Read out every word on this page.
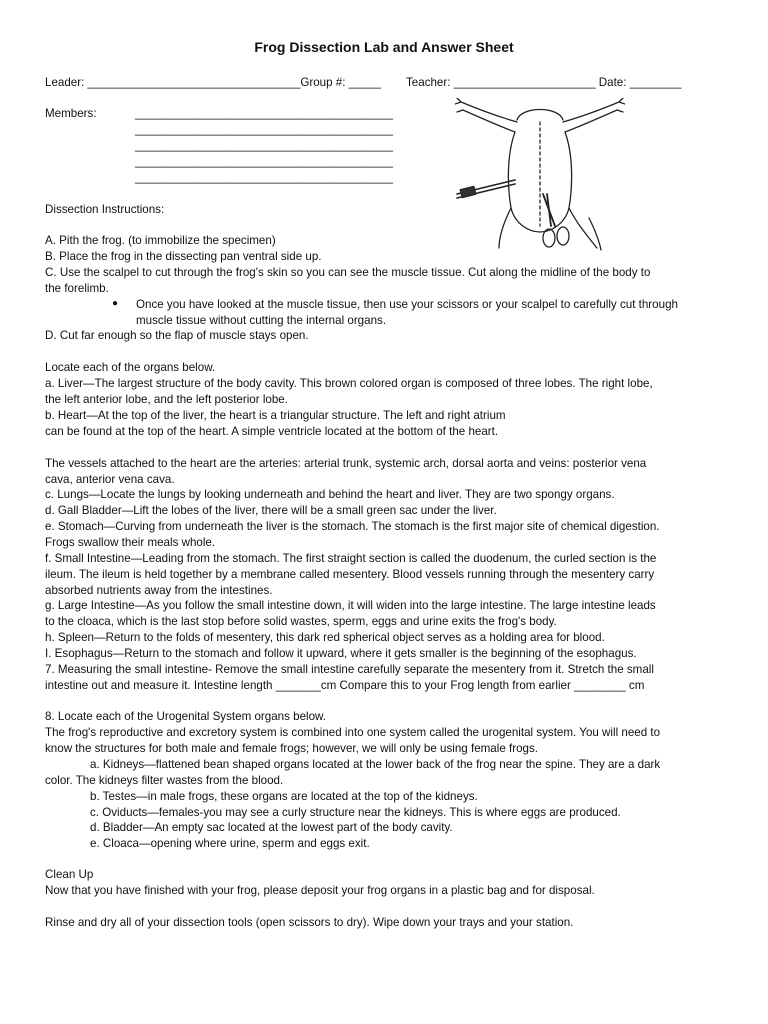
Frog Dissection Lab and Answer Sheet
Leader: _________________________________Group #: _____ Teacher: ______________________ Date: ________
Members:	________________________________________
________________________________________
________________________________________
________________________________________
________________________________________
Dissection Instructions:
A. Pith the frog. (to immobilize the specimen)
B. Place the frog in the dissecting pan ventral side up.
C. Use the scalpel to cut through the frog's skin so you can see the muscle tissue. Cut along the midline of the body to
the forelimb.
● Once you have looked at the muscle tissue, then use your scissors or your scalpel to carefully cut through
muscle tissue without cutting the internal organs.
D. Cut far enough so the flap of muscle stays open.
Locate each of the organs below.
a. Liver—The largest structure of the body cavity. This brown colored organ is composed of three lobes. The right lobe,
the left anterior lobe, and the left posterior lobe.
b. Heart—At the top of the liver, the heart is a triangular structure. The left and right atrium
can be found at the top of the heart. A simple ventricle located at the bottom of the heart.
The vessels attached to the heart are the arteries: arterial trunk, systemic arch, dorsal aorta and veins: posterior vena
cava, anterior vena cava.
c. Lungs—Locate the lungs by looking underneath and behind the heart and liver. They are two spongy organs.
d. Gall Bladder—Lift the lobes of the liver, there will be a small green sac under the liver.
e. Stomach—Curving from underneath the liver is the stomach. The stomach is the first major site of chemical digestion.
Frogs swallow their meals whole.
f. Small Intestine—Leading from the stomach. The first straight section is called the duodenum, the curled section is the
ileum. The ileum is held together by a membrane called mesentery. Blood vessels running through the mesentery carry
absorbed nutrients away from the intestines.
g. Large Intestine—As you follow the small intestine down, it will widen into the large intestine. The large intestine leads
to the cloaca, which is the last stop before solid wastes, sperm, eggs and urine exits the frog's body.
h. Spleen—Return to the folds of mesentery, this dark red spherical object serves as a holding area for blood.
I. Esophagus—Return to the stomach and follow it upward, where it gets smaller is the beginning of the esophagus.
7. Measuring the small intestine- Remove the small intestine carefully separate the mesentery from it. Stretch the small
intestine out and measure it. Intestine length _______cm Compare this to your Frog length from earlier ________ cm
8. Locate each of the Urogenital System organs below.
The frog's reproductive and excretory system is combined into one system called the urogenital system. You will need to
know the structures for both male and female frogs; however, we will only be using female frogs.
a. Kidneys—flattened bean shaped organs located at the lower back of the frog near the spine. They are a dark
color. The kidneys filter wastes from the blood.
b. Testes—in male frogs, these organs are located at the top of the kidneys.
c. Oviducts—females-you may see a curly structure near the kidneys. This is where eggs are produced.
d. Bladder—An empty sac located at the lowest part of the body cavity.
e. Cloaca—opening where urine, sperm and eggs exit.
Clean Up
Now that you have finished with your frog, please deposit your frog organs in a plastic bag and for disposal.
Rinse and dry all of your dissection tools (open scissors to dry). Wipe down your trays and your station.
